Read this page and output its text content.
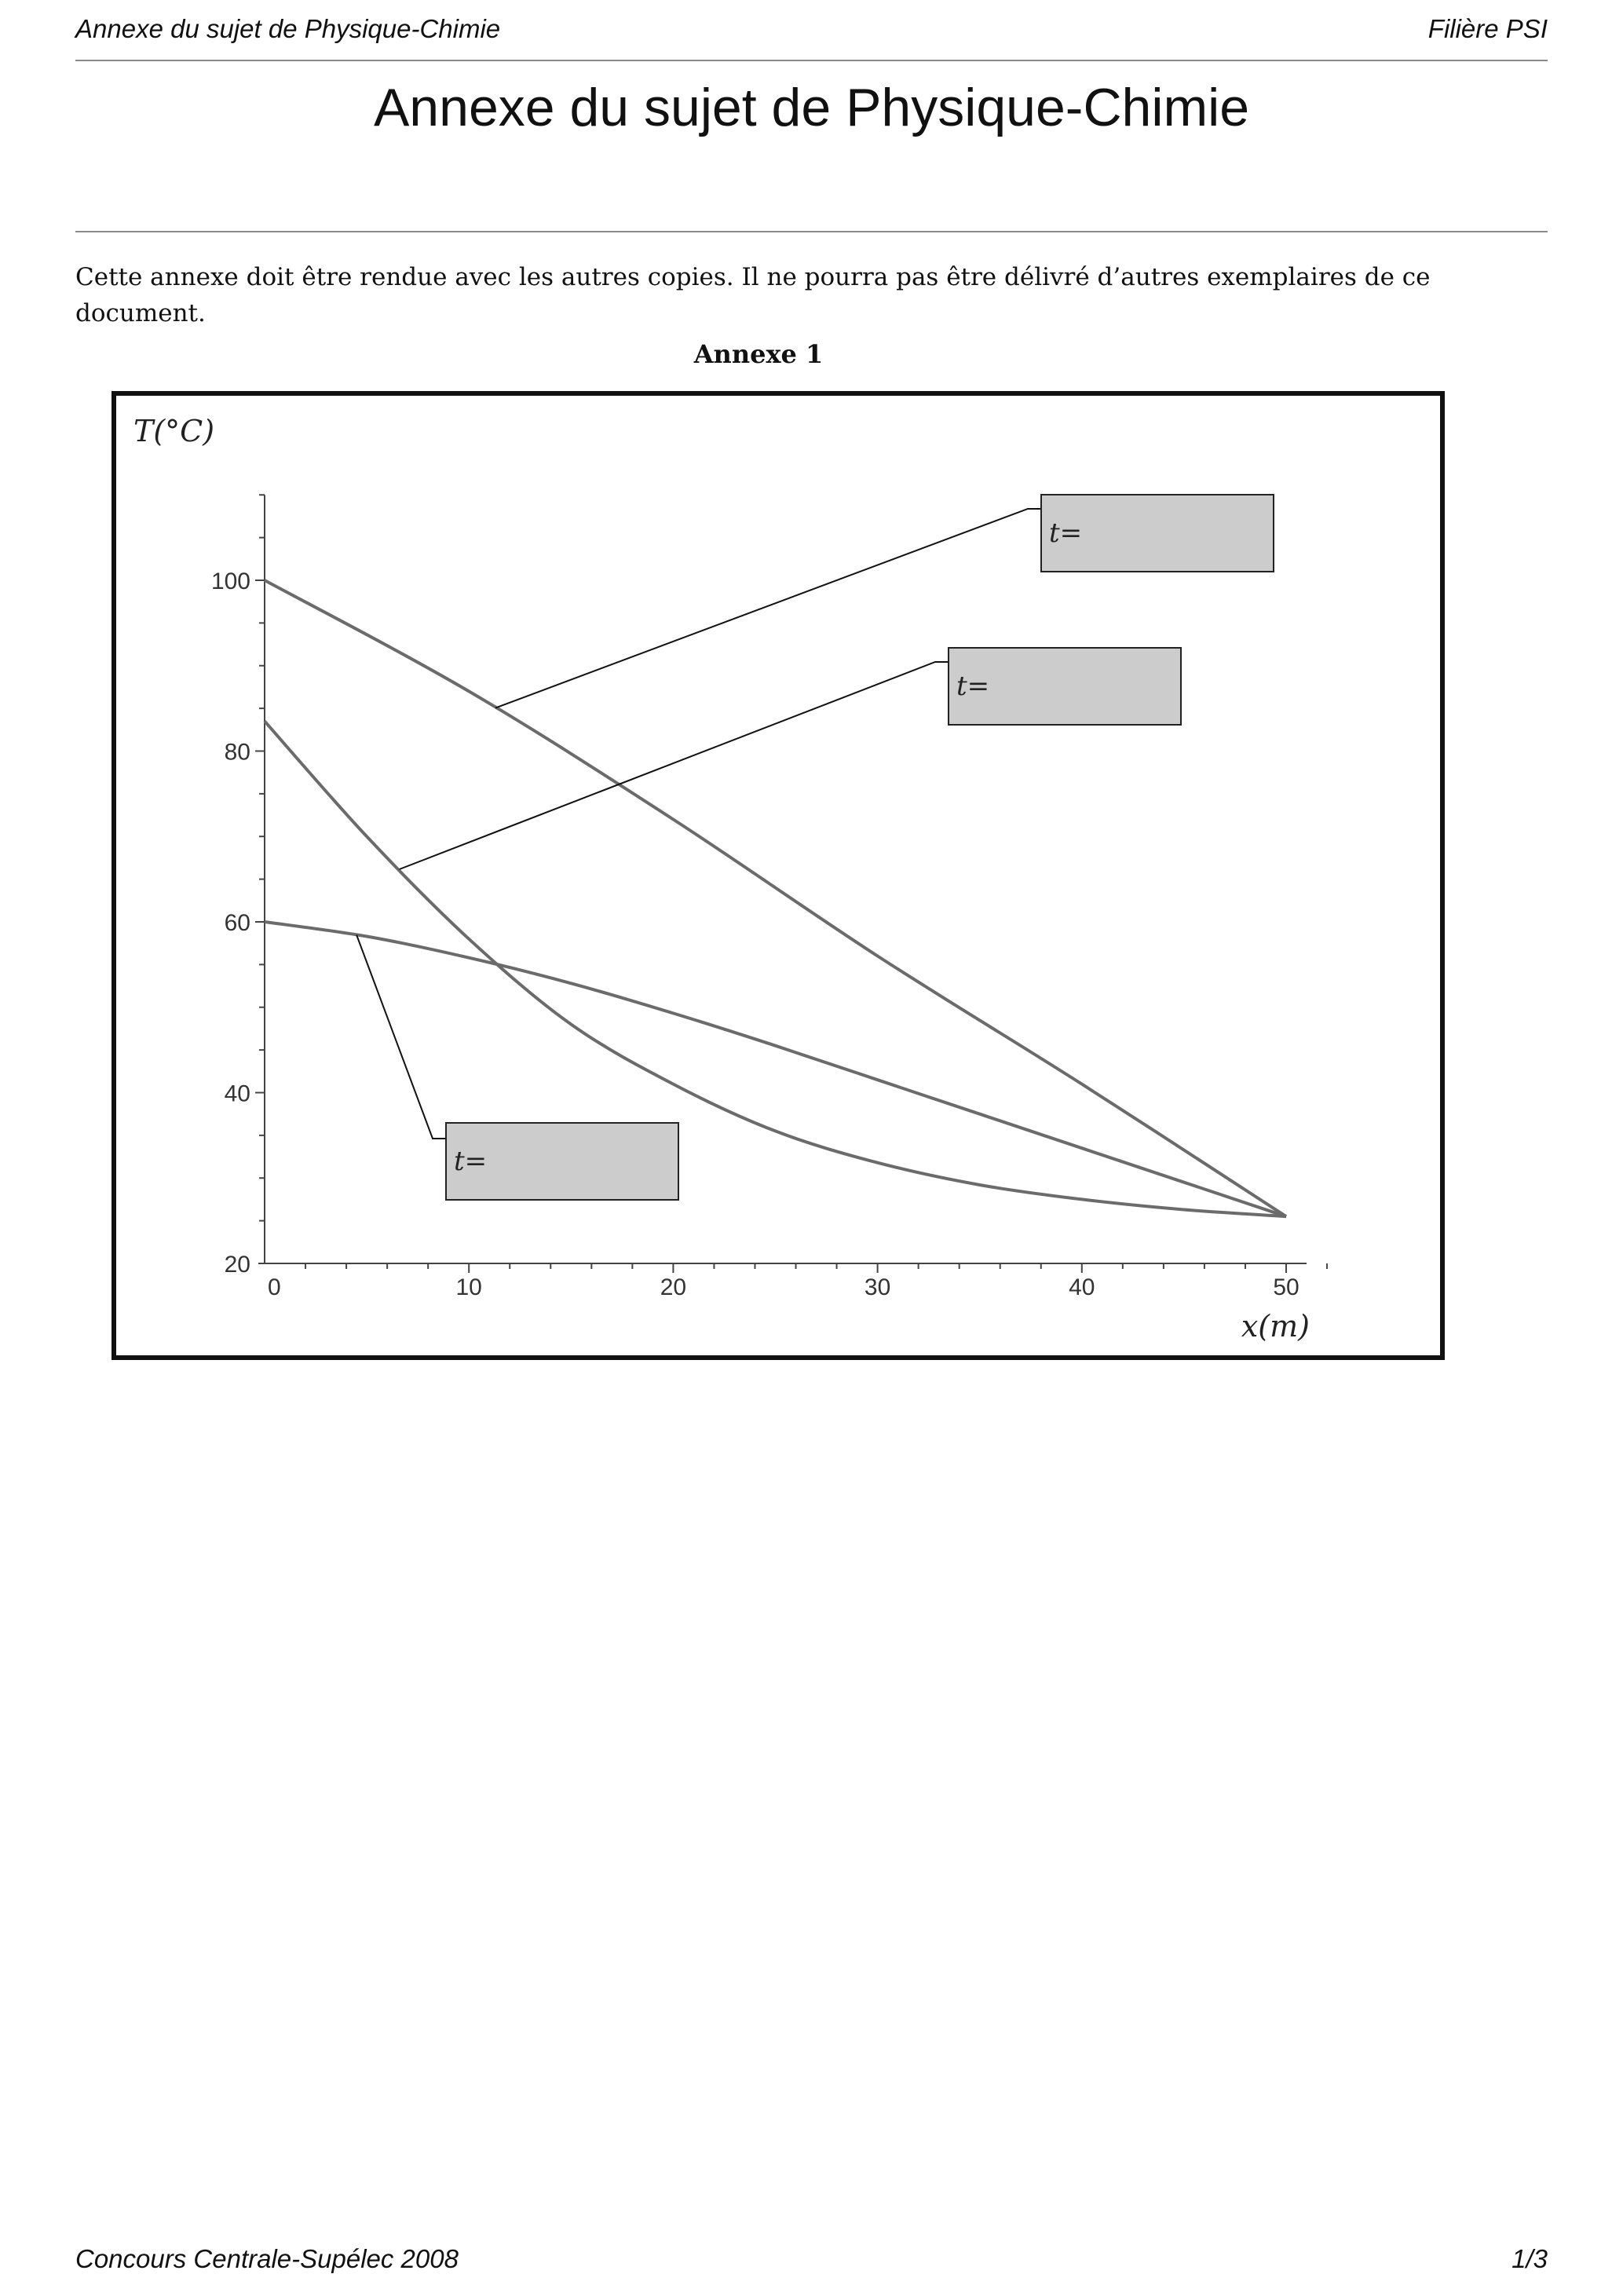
Annexe du sujet de Physique-Chimie	Filière PSI
Annexe du sujet de Physique-Chimie
Cette annexe doit être rendue avec les autres copies. Il ne pourra pas être délivré d’autres exemplaires de ce document.
Annexe 1
20
40
60
80
100
0	10	20	30	40	50
T(°C)
x(m)
t=
t=
t=
Concours Centrale-Supélec 2008	1/3
